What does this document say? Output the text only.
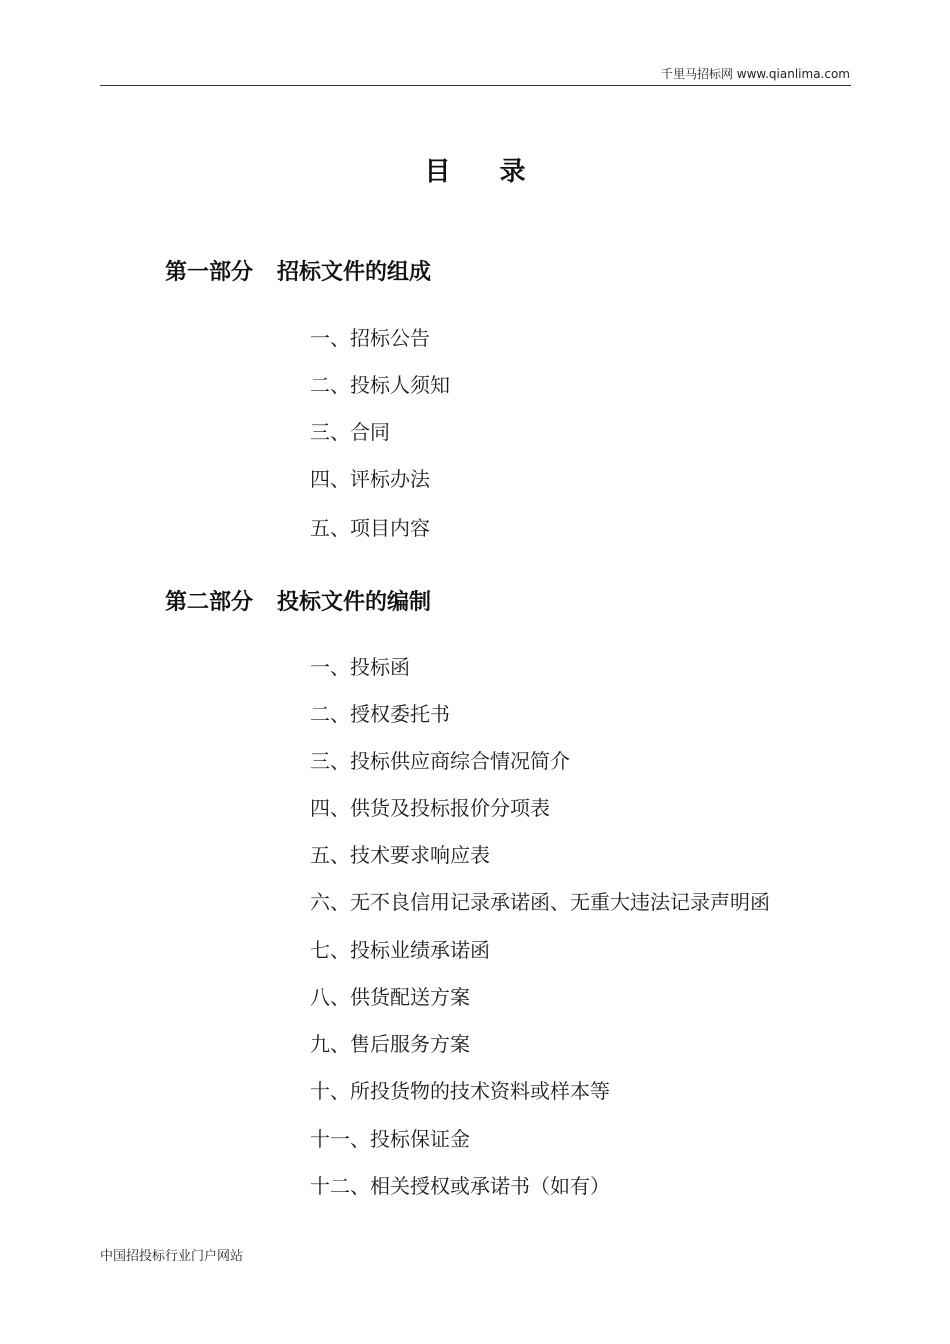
千里马招标网 www.qianlima.com
目 录
第一部分 招标文件的组成
一、招标公告
二、投标人须知
三、合同
四、评标办法
五、项目内容
第二部分 投标文件的编制
一、投标函
二、授权委托书
三、投标供应商综合情况简介
四、供货及投标报价分项表
五、技术要求响应表
六、无不良信用记录承诺函、无重大违法记录声明函
七、投标业绩承诺函
八、供货配送方案
九、售后服务方案
十、所投货物的技术资料或样本等
十一、投标保证金
十二、相关授权或承诺书（如有）
中国招投标行业门户网站
